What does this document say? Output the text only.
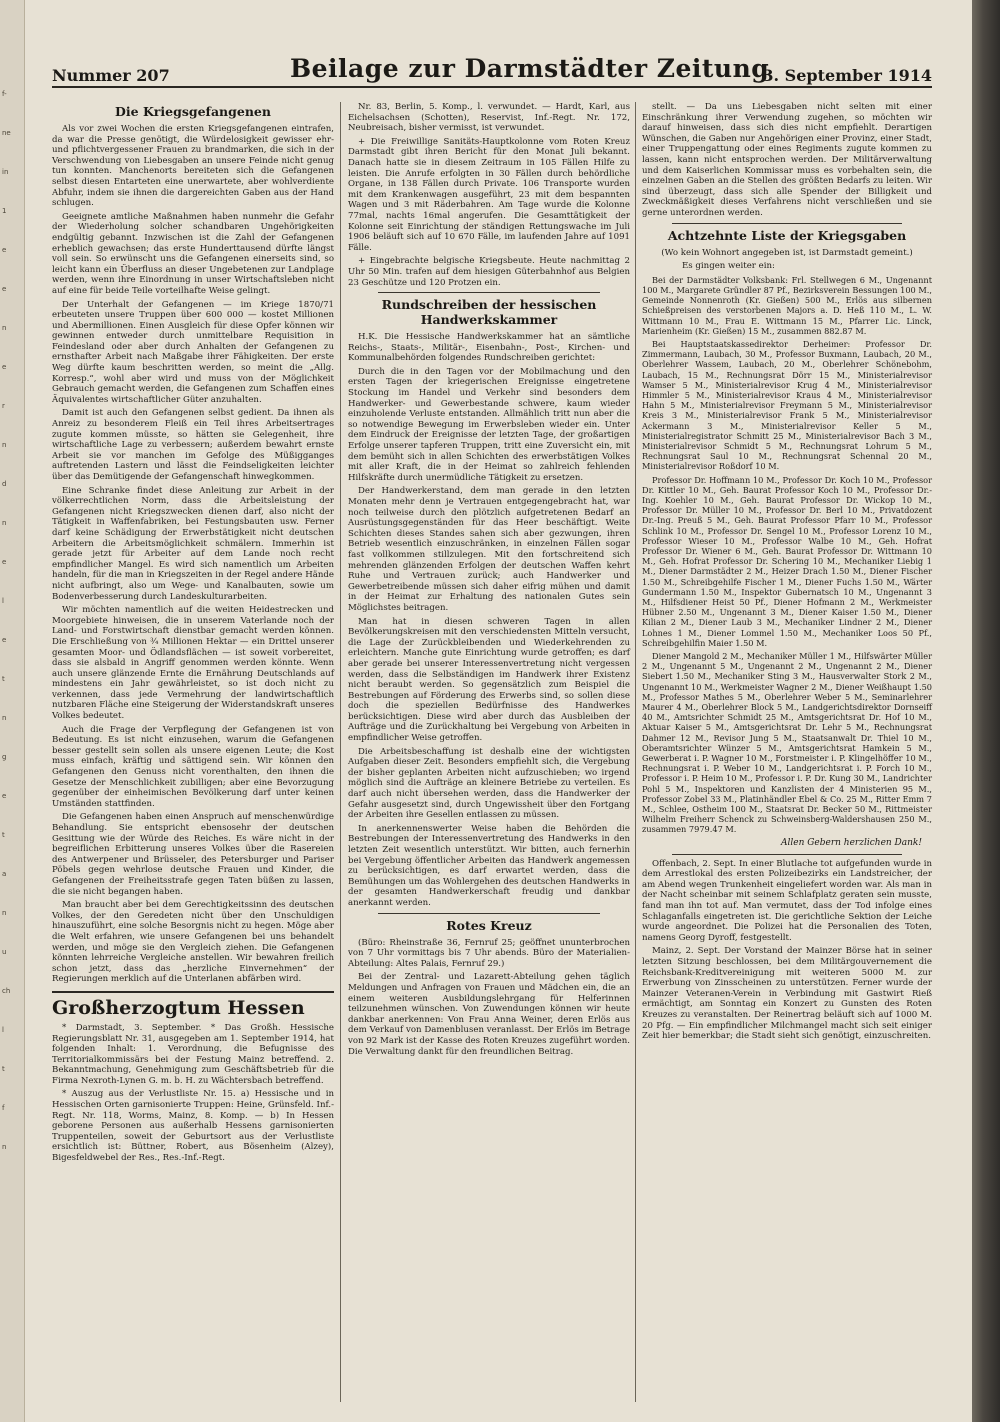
f-
ne
in
1
e
e
n
e
r
n
d
n
e
l
e
t
n
g
e
t
a
n
u
ch
l
t
f
n
Nummer 207	Beilage zur Darmstädter Zeitung
3. September 1914
Die Kriegsgefangenen

Als vor zwei Wochen die ersten Kriegsgefangenen eintrafen, da war die Presse genötigt, die Würdelosigkeit gewisser ehr- und pflichtvergessener Frauen zu brandmarken, die sich in der Verschwendung von Liebesgaben an unsere Feinde nicht genug tun konnten. Manchenorts bereiteten sich die Gefangenen selbst diesen Entarteten eine unerwartete, aber wohlverdiente Abfuhr, indem sie ihnen die dargereichten Gaben aus der Hand schlugen.

Geeignete amtliche Maßnahmen haben nunmehr die Gefahr der Wiederholung solcher schandbaren Ungehörigkeiten endgültig gebannt. Inzwischen ist die Zahl der Gefangenen erheblich gewachsen; das erste Hunderttausend dürfte längst voll sein. So erwünscht uns die Gefangenen einerseits sind, so leicht kann ein Überfluss an dieser Ungebetenen zur Landplage werden, wenn ihre Einordnung in unser Wirtschaftsleben nicht auf eine für beide Teile vorteilhafte Weise gelingt.

Der Unterhalt der Gefangenen — im Kriege 1870/71 erbeuteten unsere Truppen über 600 000 — kostet Millionen und Abermillionen. Einen Ausgleich für diese Opfer können wir gewinnen entweder durch unmittelbare Requisition in Feindesland oder aber durch Anhalten der Gefangenen zu ernsthafter Arbeit nach Maßgabe ihrer Fähigkeiten. Der erste Weg dürfte kaum beschritten werden, so meint die „Allg. Korresp.“, wohl aber wird und muss von der Möglichkeit Gebrauch gemacht werden, die Gefangenen zum Schaffen eines Äquivalentes wirtschaftlicher Güter anzuhalten.

Damit ist auch den Gefangenen selbst gedient. Da ihnen als Anreiz zu besonderem Fleiß ein Teil ihres Arbeitsertrages zugute kommen müsste, so hätten sie Gelegenheit, ihre wirtschaftliche Lage zu verbessern; außerdem bewahrt ernste Arbeit sie vor manchen im Gefolge des Müßigganges auftretenden Lastern und lässt die Feindseligkeiten leichter über das Demütigende der Gefangenschaft hinwegkommen.

Eine Schranke findet diese Anleitung zur Arbeit in der völkerrechtlichen Norm, dass die Arbeitsleistung der Gefangenen nicht Kriegszwecken dienen darf, also nicht der Tätigkeit in Waffenfabriken, bei Festungsbauten usw. Ferner darf keine Schädigung der Erwerbstätigkeit nicht deutschen Arbeitern die Arbeitsmöglichkeit schmälern. Immerhin ist gerade jetzt für Arbeiter auf dem Lande noch recht empfindlicher Mangel. Es wird sich namentlich um Arbeiten handeln, für die man in Kriegszeiten in der Regel andere Hände nicht aufbringt, also um Wege- und Kanalbauten, sowie um Bodenverbesserung durch Landeskulturarbeiten.

Wir möchten namentlich auf die weiten Heidestrecken und Moorgebiete hinweisen, die in unserem Vaterlande noch der Land- und Forstwirtschaft dienstbar gemacht werden können. Die Erschließung von ¾ Millionen Hektar — ein Drittel unserer gesamten Moor- und Ödlandsflächen — ist soweit vorbereitet, dass sie alsbald in Angriff genommen werden könnte. Wenn auch unsere glänzende Ernte die Ernährung Deutschlands auf mindestens ein Jahr gewährleistet, so ist doch nicht zu verkennen, dass jede Vermehrung der landwirtschaftlich nutzbaren Fläche eine Steigerung der Widerstandskraft unseres Volkes bedeutet.

Auch die Frage der Verpflegung der Gefangenen ist von Bedeutung. Es ist nicht einzusehen, warum die Gefangenen besser gestellt sein sollen als unsere eigenen Leute; die Kost muss einfach, kräftig und sättigend sein. Wir können den Gefangenen den Genuss nicht vorenthalten, den ihnen die Gesetze der Menschlichkeit zubilligen; aber eine Bevorzugung gegenüber der einheimischen Bevölkerung darf unter keinen Umständen stattfinden.

Die Gefangenen haben einen Anspruch auf menschenwürdige Behandlung. Sie entspricht ebensosehr der deutschen Gesittung wie der Würde des Reiches. Es wäre nicht in der begreiflichen Erbitterung unseres Volkes über die Rasereien des Antwerpener und Brüsseler, des Petersburger und Pariser Pöbels gegen wehrlose deutsche Frauen und Kinder, die Gefangenen der Freiheitsstrafe gegen Taten büßen zu lassen, die sie nicht begangen haben.

Man braucht aber bei dem Gerechtigkeitssinn des deutschen Volkes, der den Geredeten nicht über den Unschuldigen hinauszuführt, eine solche Besorgnis nicht zu hegen. Möge aber die Welt erfahren, wie unsere Gefangenen bei uns behandelt werden, und möge sie den Vergleich ziehen. Die Gefangenen könnten lehrreiche Vergleiche anstellen. Wir bewahren freilich schon jetzt, dass das „herzliche Einvernehmen“ der Regierungen merklich auf die Unterlanen abfärben wird.

Großherzogtum Hessen

* Darmstadt, 3. September. * Das Großh. Hessische Regierungsblatt Nr. 31, ausgegeben am 1. September 1914, hat folgenden Inhalt: 1. Verordnung, die Befugnisse des Territorialkommissärs bei der Festung Mainz betreffend. 2. Bekanntmachung, Genehmigung zum Geschäftsbetrieb für die Firma Nexroth-Lynen G. m. b. H. zu Wächtersbach betreffend.

* Auszug aus der Verlustliste Nr. 15. a) Hessische und in Hessischen Orten garnisonierte Truppen: Heine, Grünsfeld. Inf.-Regt. Nr. 118, Worms, Mainz, 8. Komp. — b) In Hessen geborene Personen aus außerhalb Hessens garnisonierten Truppenteilen, soweit der Geburtsort aus der Verlustliste ersichtlich ist: Büttner, Robert, aus Bösenheim (Alzey), Bigesfeldwebel der Res., Res.-Inf.-Regt.

Nr. 83, Berlin, 5. Komp., l. verwundet. — Hardt, Karl, aus Eichelsachsen (Schotten), Reservist, Inf.-Regt. Nr. 172, Neubreisach, bisher vermisst, ist verwundet.

+ Die Freiwillige Sanitäts-Hauptkolonne vom Roten Kreuz Darmstadt gibt ihren Bericht für den Monat Juli bekannt. Danach hatte sie in diesem Zeitraum in 105 Fällen Hilfe zu leisten. Die Anrufe erfolgten in 30 Fällen durch behördliche Organe, in 138 Fällen durch Private. 106 Transporte wurden mit dem Krankenwagen ausgeführt, 23 mit dem bespannten Wagen und 3 mit Räderbahren. Am Tage wurde die Kolonne 77mal, nachts 16mal angerufen. Die Gesamttätigkeit der Kolonne seit Einrichtung der ständigen Rettungswache im Juli 1906 beläuft sich auf 10 670 Fälle, im laufenden Jahre auf 1091 Fälle.

+ Eingebrachte belgische Kriegsbeute. Heute nachmittag 2 Uhr 50 Min. trafen auf dem hiesigen Güterbahnhof aus Belgien 23 Geschütze und 120 Protzen ein.

Rundschreiben der hessischen Handwerkskammer

H.K. Die Hessische Handwerkskammer hat an sämtliche Reichs-, Staats-, Militär-, Eisenbahn-, Post-, Kirchen- und Kommunalbehörden folgendes Rundschreiben gerichtet:

Durch die in den Tagen vor der Mobilmachung und den ersten Tagen der kriegerischen Ereignisse eingetretene Stockung im Handel und Verkehr sind besonders dem Handwerker- und Gewerbestande schwere, kaum wieder einzuholende Verluste entstanden. Allmählich tritt nun aber die so notwendige Bewegung im Erwerbsleben wieder ein. Unter dem Eindruck der Ereignisse der letzten Tage, der großartigen Erfolge unserer tapferen Truppen, tritt eine Zuversicht ein, mit dem bemüht sich in allen Schichten des erwerbstätigen Volkes mit aller Kraft, die in der Heimat so zahlreich fehlenden Hilfskräfte durch unermüdliche Tätigkeit zu ersetzen.

Der Handwerkerstand, dem man gerade in den letzten Monaten mehr denn je Vertrauen entgegengebracht hat, war noch teilweise durch den plötzlich aufgetretenen Bedarf an Ausrüstungsgegenständen für das Heer beschäftigt. Weite Schichten dieses Standes sahen sich aber gezwungen, ihren Betrieb wesentlich einzuschränken, in einzelnen Fällen sogar fast vollkommen stillzulegen. Mit den fortschreitend sich mehrenden glänzenden Erfolgen der deutschen Waffen kehrt Ruhe und Vertrauen zurück; auch Handwerker und Gewerbetreibende müssen sich daher eifrig mühen und damit in der Heimat zur Erhaltung des nationalen Gutes sein Möglichstes beitragen.

Man hat in diesen schweren Tagen in allen Bevölkerungskreisen mit den verschiedensten Mitteln versucht, die Lage der Zurückbleibenden und Wiederkehrenden zu erleichtern. Manche gute Einrichtung wurde getroffen; es darf aber gerade bei unserer Interessenvertretung nicht vergessen werden, dass die Selbständigen im Handwerk ihrer Existenz nicht beraubt werden. So gegensätzlich zum Beispiel die Bestrebungen auf Förderung des Erwerbs sind, so sollen diese doch die speziellen Bedürfnisse des Handwerkes berücksichtigen. Diese wird aber durch das Ausbleiben der Aufträge und die Zurückhaltung bei Vergebung von Arbeiten in empfindlicher Weise getroffen.

Die Arbeitsbeschaffung ist deshalb eine der wichtigsten Aufgaben dieser Zeit. Besonders empfiehlt sich, die Vergebung der bisher geplanten Arbeiten nicht aufzuschieben; wo irgend möglich sind die Aufträge an kleinere Betriebe zu verteilen. Es darf auch nicht übersehen werden, dass die Handwerker der Gefahr ausgesetzt sind, durch Ungewissheit über den Fortgang der Arbeiten ihre Gesellen entlassen zu müssen.

In anerkennenswerter Weise haben die Behörden die Bestrebungen der Interessenvertretung des Handwerks in den letzten Zeit wesentlich unterstützt. Wir bitten, auch fernerhin bei Vergebung öffentlicher Arbeiten das Handwerk angemessen zu berücksichtigen, es darf erwartet werden, dass die Bemühungen um das Wohlergehen des deutschen Handwerks in der gesamten Handwerkerschaft freudig und dankbar anerkannt werden.

Rotes Kreuz

(Büro: Rheinstraße 36, Fernruf 25; geöffnet ununterbrochen von 7 Uhr vormittags bis 7 Uhr abends. Büro der Materialien-Abteilung: Altes Palais, Fernruf 29.)

Bei der Zentral- und Lazarett-Abteilung gehen täglich Meldungen und Anfragen von Frauen und Mädchen ein, die an einem weiteren Ausbildungslehrgang für Helferinnen teilzunehmen wünschen. Von Zuwendungen können wir heute dankbar anerkennen: Von Frau Anna Weiner, deren Erlös aus dem Verkauf von Damenblusen veranlasst. Der Erlös im Betrage von 92 Mark ist der Kasse des Roten Kreuzes zugeführt worden. Die Verwaltung dankt für den freundlichen Beitrag.

stellt. — Da uns Liebesgaben nicht selten mit einer Einschränkung ihrer Verwendung zugehen, so möchten wir darauf hinweisen, dass sich dies nicht empfiehlt. Derartigen Wünschen, die Gaben nur Angehörigen einer Provinz, einer Stadt, einer Truppengattung oder eines Regiments zugute kommen zu lassen, kann nicht entsprochen werden. Der Militärverwaltung und dem Kaiserlichen Kommissar muss es vorbehalten sein, die einzelnen Gaben an die Stellen des größten Bedarfs zu leiten. Wir sind überzeugt, dass sich alle Spender der Billigkeit und Zweckmäßigkeit dieses Verfahrens nicht verschließen und sie gerne unterordnen werden.

Achtzehnte Liste der Kriegsgaben
(Wo kein Wohnort angegeben ist, ist Darmstadt gemeint.)
Es gingen weiter ein:

Bei der Darmstädter Volksbank: Frl. Stellwegen 6 M., Ungenannt 100 M., Margarete Gründler 87 Pf., Bezirksverein Bessungen 100 M., Gemeinde Nonnenroth (Kr. Gießen) 500 M., Erlös aus silbernen Schießpreisen des verstorbenen Majors a. D. Heß 110 M., L. W. Wittmann 10 M., Frau E. Wittmann 15 M., Pfarrer Lic. Linck, Marienheim (Kr. Gießen) 15 M., zusammen 882.87 M.

Bei Hauptstaatskassedirektor Derheimer: Professor Dr. Zimmermann, Laubach, 30 M., Professor Buxmann, Laubach, 20 M., Oberlehrer Wassem, Laubach, 20 M., Oberlehrer Schönebohm, Laubach, 15 M., Rechnungsrat Dörr 15 M., Ministerialrevisor Wamser 5 M., Ministerialrevisor Krug 4 M., Ministerialrevisor Himmler 5 M., Ministerialrevisor Kraus 4 M., Ministerialrevisor Hahn 5 M., Ministerialrevisor Freymann 5 M., Ministerialrevisor Kreis 3 M., Ministerialrevisor Frank 5 M., Ministerialrevisor Ackermann 3 M., Ministerialrevisor Keller 5 M., Ministerialregistrator Schmitt 25 M., Ministerialrevisor Bach 3 M., Ministerialrevisor Schmidt 5 M., Rechnungsrat Lohrum 5 M., Rechnungsrat Saul 10 M., Rechnungsrat Schennal 20 M., Ministerialrevisor Roßdorf 10 M.

Professor Dr. Hoffmann 10 M., Professor Dr. Koch 10 M., Professor Dr. Kittler 10 M., Geh. Baurat Professor Koch 10 M., Professor Dr.-Ing. Koehler 10 M., Geh. Baurat Professor Dr. Wickop 10 M., Professor Dr. Müller 10 M., Professor Dr. Berl 10 M., Privatdozent Dr.-Ing. Preuß 5 M., Geh. Baurat Professor Pfarr 10 M., Professor Schlink 10 M., Professor Dr. Sengel 10 M., Professor Lorenz 10 M., Professor Wieser 10 M., Professor Walbe 10 M., Geh. Hofrat Professor Dr. Wiener 6 M., Geh. Baurat Professor Dr. Wittmann 10 M., Geh. Hofrat Professor Dr. Schering 10 M., Mechaniker Liebig 1 M., Diener Darmstädter 2 M., Heizer Drach 1.50 M., Diener Fischer 1.50 M., Schreibgehilfe Fischer 1 M., Diener Fuchs 1.50 M., Wärter Gundermann 1.50 M., Inspektor Gubernatsch 10 M., Ungenannt 3 M., Hilfsdiener Heist 50 Pf., Diener Hofmann 2 M., Werkmeister Hübner 2.50 M., Ungenannt 3 M., Diener Kaiser 1.50 M., Diener Kilian 2 M., Diener Laub 3 M., Mechaniker Lindner 2 M., Diener Lohnes 1 M., Diener Lommel 1.50 M., Mechaniker Loos 50 Pf., Schreibgehilfin Maier 1.50 M.

Diener Mangold 2 M., Mechaniker Müller 1 M., Hilfswärter Müller 2 M., Ungenannt 5 M., Ungenannt 2 M., Ungenannt 2 M., Diener Siebert 1.50 M., Mechaniker Sting 3 M., Hausverwalter Stork 2 M., Ungenannt 10 M., Werkmeister Wagner 2 M., Diener Weißhaupt 1.50 M., Professor Mathes 5 M., Oberlehrer Weber 5 M., Seminarlehrer Maurer 4 M., Oberlehrer Block 5 M., Landgerichtsdirektor Dornseiff 40 M., Amtsrichter Schmidt 25 M., Amtsgerichtsrat Dr. Hof 10 M., Aktuar Kaiser 5 M., Amtsgerichtsrat Dr. Lehr 5 M., Rechnungsrat Dahmer 12 M., Revisor Jung 5 M., Staatsanwalt Dr. Thiel 10 M., Oberamtsrichter Wünzer 5 M., Amtsgerichtsrat Hamkein 5 M., Gewerberat i. P. Wagner 10 M., Forstmeister i. P. Klingelhöffer 10 M., Rechnungsrat i. P. Weber 10 M., Landgerichtsrat i. P. Forch 10 M., Professor i. P. Heim 10 M., Professor i. P. Dr. Kung 30 M., Landrichter Pohl 5 M., Inspektoren und Kanzlisten der 4 Ministerien 95 M., Professor Zobel 33 M., Platinhändler Ebel & Co. 25 M., Ritter Emm 7 M., Schlee, Ostheim 100 M., Staatsrat Dr. Becker 50 M., Rittmeister Wilhelm Freiherr Schenck zu Schweinsberg-Waldershausen 250 M., zusammen 7979.47 M.

Allen Gebern herzlichen Dank!

Offenbach, 2. Sept. In einer Blutlache tot aufgefunden wurde in dem Arrestlokal des ersten Polizeibezirks ein Landstreicher, der am Abend wegen Trunkenheit eingeliefert worden war. Als man in der Nacht scheinbar mit seinem Schlafplatz geraten sein musste, fand man ihn tot auf. Man vermutet, dass der Tod infolge eines Schlaganfalls eingetreten ist. Die gerichtliche Sektion der Leiche wurde angeordnet. Die Polizei hat die Personalien des Toten, namens Georg Dyroff, festgestellt.

Mainz, 2. Sept. Der Vorstand der Mainzer Börse hat in seiner letzten Sitzung beschlossen, bei dem Militärgouvernement die Reichsbank-Kreditvereinigung mit weiteren 5000 M. zur Erwerbung von Zinsscheinen zu unterstützen. Ferner wurde der Mainzer Veteranen-Verein in Verbindung mit Gastwirt Rieß ermächtigt, am Sonntag ein Konzert zu Gunsten des Roten Kreuzes zu veranstalten. Der Reinertrag beläuft sich auf 1000 M. 20 Pfg. — Ein empfindlicher Milchmangel macht sich seit einiger Zeit hier bemerkbar; die Stadt sieht sich genötigt, einzuschreiten.
